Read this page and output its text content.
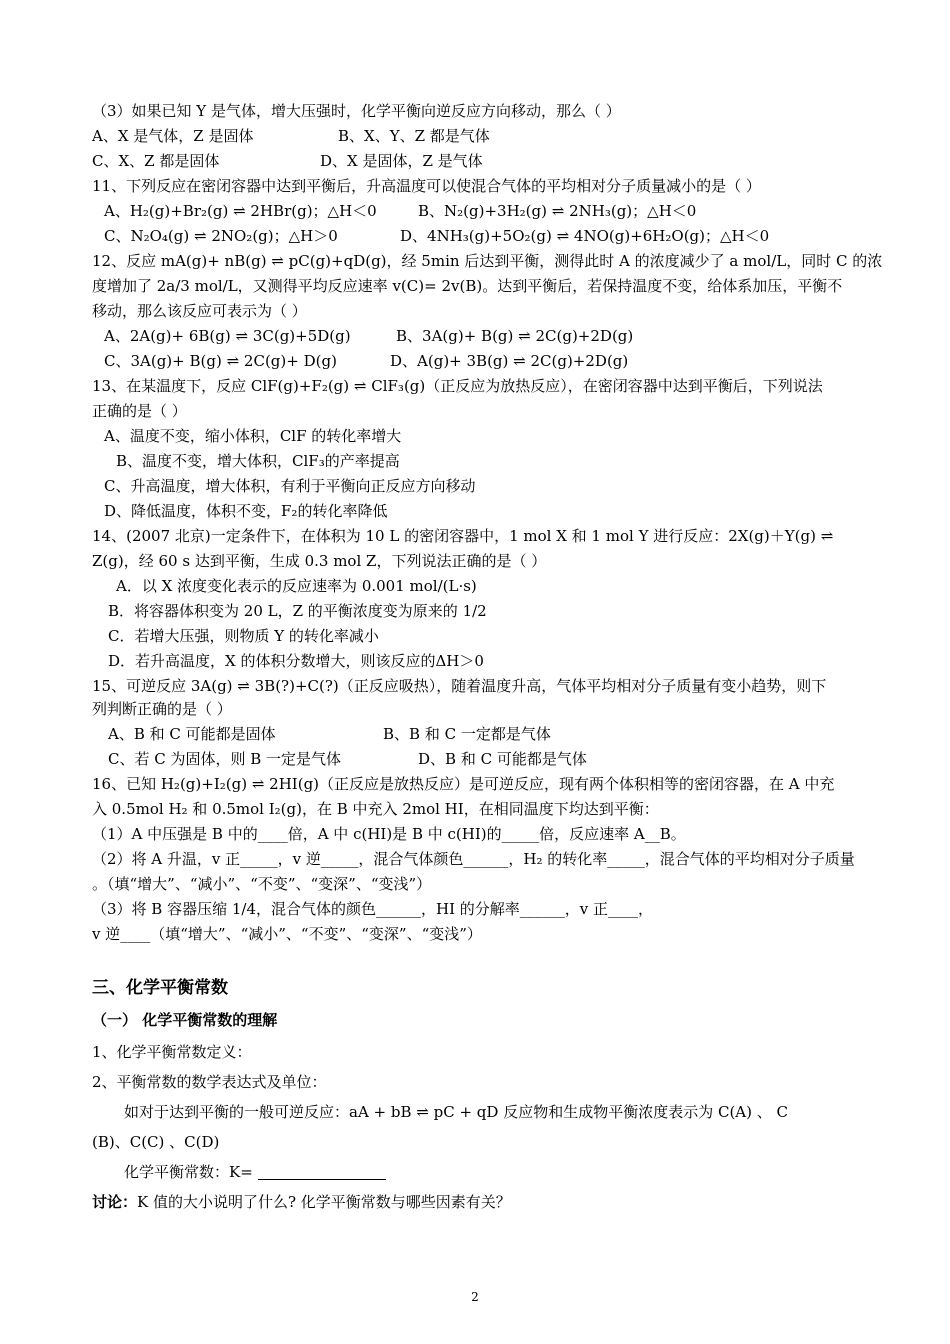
（3）如果已知 Y 是气体，增大压强时，化学平衡向逆反应方向移动，那么（ ）
A、X 是气体，Z 是固体	B、X、Y、Z 都是气体
C、X、Z 都是固体	D、X 是固体，Z 是气体
11、下列反应在密闭容器中达到平衡后，升高温度可以使混合气体的平均相对分子质量减小的是（ ）
A、H₂(g)+Br₂(g) ⇌ 2HBr(g)；△H＜0	B、N₂(g)+3H₂(g) ⇌ 2NH₃(g)；△H＜0
C、N₂O₄(g) ⇌ 2NO₂(g)；△H＞0	D、4NH₃(g)+5O₂(g) ⇌ 4NO(g)+6H₂O(g)；△H＜0
12、反应 mA(g)+ nB(g) ⇌ pC(g)+qD(g)，经 5min 后达到平衡，测得此时 A 的浓度减少了 a mol/L，同时 C 的浓
度增加了 2a/3 mol/L，又测得平均反应速率 v(C)= 2v(B)。达到平衡后，若保持温度不变，给体系加压，平衡不
移动，那么该反应可表示为（ ）
A、2A(g)+ 6B(g) ⇌ 3C(g)+5D(g)	B、3A(g)+ B(g) ⇌ 2C(g)+2D(g)
C、3A(g)+ B(g) ⇌ 2C(g)+ D(g)	D、A(g)+ 3B(g) ⇌ 2C(g)+2D(g)
13、在某温度下，反应 ClF(g)+F₂(g) ⇌ ClF₃(g)（正反应为放热反应），在密闭容器中达到平衡后，下列说法
正确的是（ ）
A、温度不变，缩小体积，ClF 的转化率增大
B、温度不变，增大体积，ClF₃的产率提高
C、升高温度，增大体积，有利于平衡向正反应方向移动
D、降低温度，体积不变，F₂的转化率降低
14、(2007 北京)一定条件下，在体积为 10 L 的密闭容器中，1 mol X 和 1 mol Y 进行反应：2X(g)＋Y(g) ⇌
Z(g)，经 60 s 达到平衡，生成 0.3 mol Z，下列说法正确的是（ ）
A．以 X 浓度变化表示的反应速率为 0.001 mol/(L·s)
B．将容器体积变为 20 L，Z 的平衡浓度变为原来的 1/2
C．若增大压强，则物质 Y 的转化率减小
D．若升高温度，X 的体积分数增大，则该反应的ΔH＞0
15、可逆反应 3A(g) ⇌ 3B(?)+C(?)（正反应吸热），随着温度升高，气体平均相对分子质量有变小趋势，则下
列判断正确的是（ ）
A、B 和 C 可能都是固体	B、B 和 C 一定都是气体
C、若 C 为固体，则 B 一定是气体	D、B 和 C 可能都是气体
16、已知 H₂(g)+I₂(g) ⇌ 2HI(g)（正反应是放热反应）是可逆反应，现有两个体积相等的密闭容器，在 A 中充
入 0.5mol H₂ 和 0.5mol I₂(g)，在 B 中充入 2mol HI，在相同温度下均达到平衡：
（1）A 中压强是 B 中的____倍，A 中 c(HI)是 B 中 c(HI)的_____倍，反应速率 A__B。
（2）将 A 升温，v 正_____，v 逆_____，混合气体颜色______，H₂ 的转化率_____，混合气体的平均相对分子质量
。（填“增大”、“减小”、“不变”、“变深”、“变浅”）
（3）将 B 容器压缩 1/4，混合气体的颜色______，HI 的分解率______，v 正____，
v 逆____（填“增大”、“减小”、“不变”、“变深”、“变浅”）
三、化学平衡常数
（一） 化学平衡常数的理解
1、化学平衡常数定义：
2、平衡常数的数学表达式及单位：
如对于达到平衡的一般可逆反应：aA + bB ⇌ pC + qD 反应物和生成物平衡浓度表示为 C(A) 、 C
(B)、C(C) 、C(D)
化学平衡常数：K=
讨论：K 值的大小说明了什么? 化学平衡常数与哪些因素有关？
2
